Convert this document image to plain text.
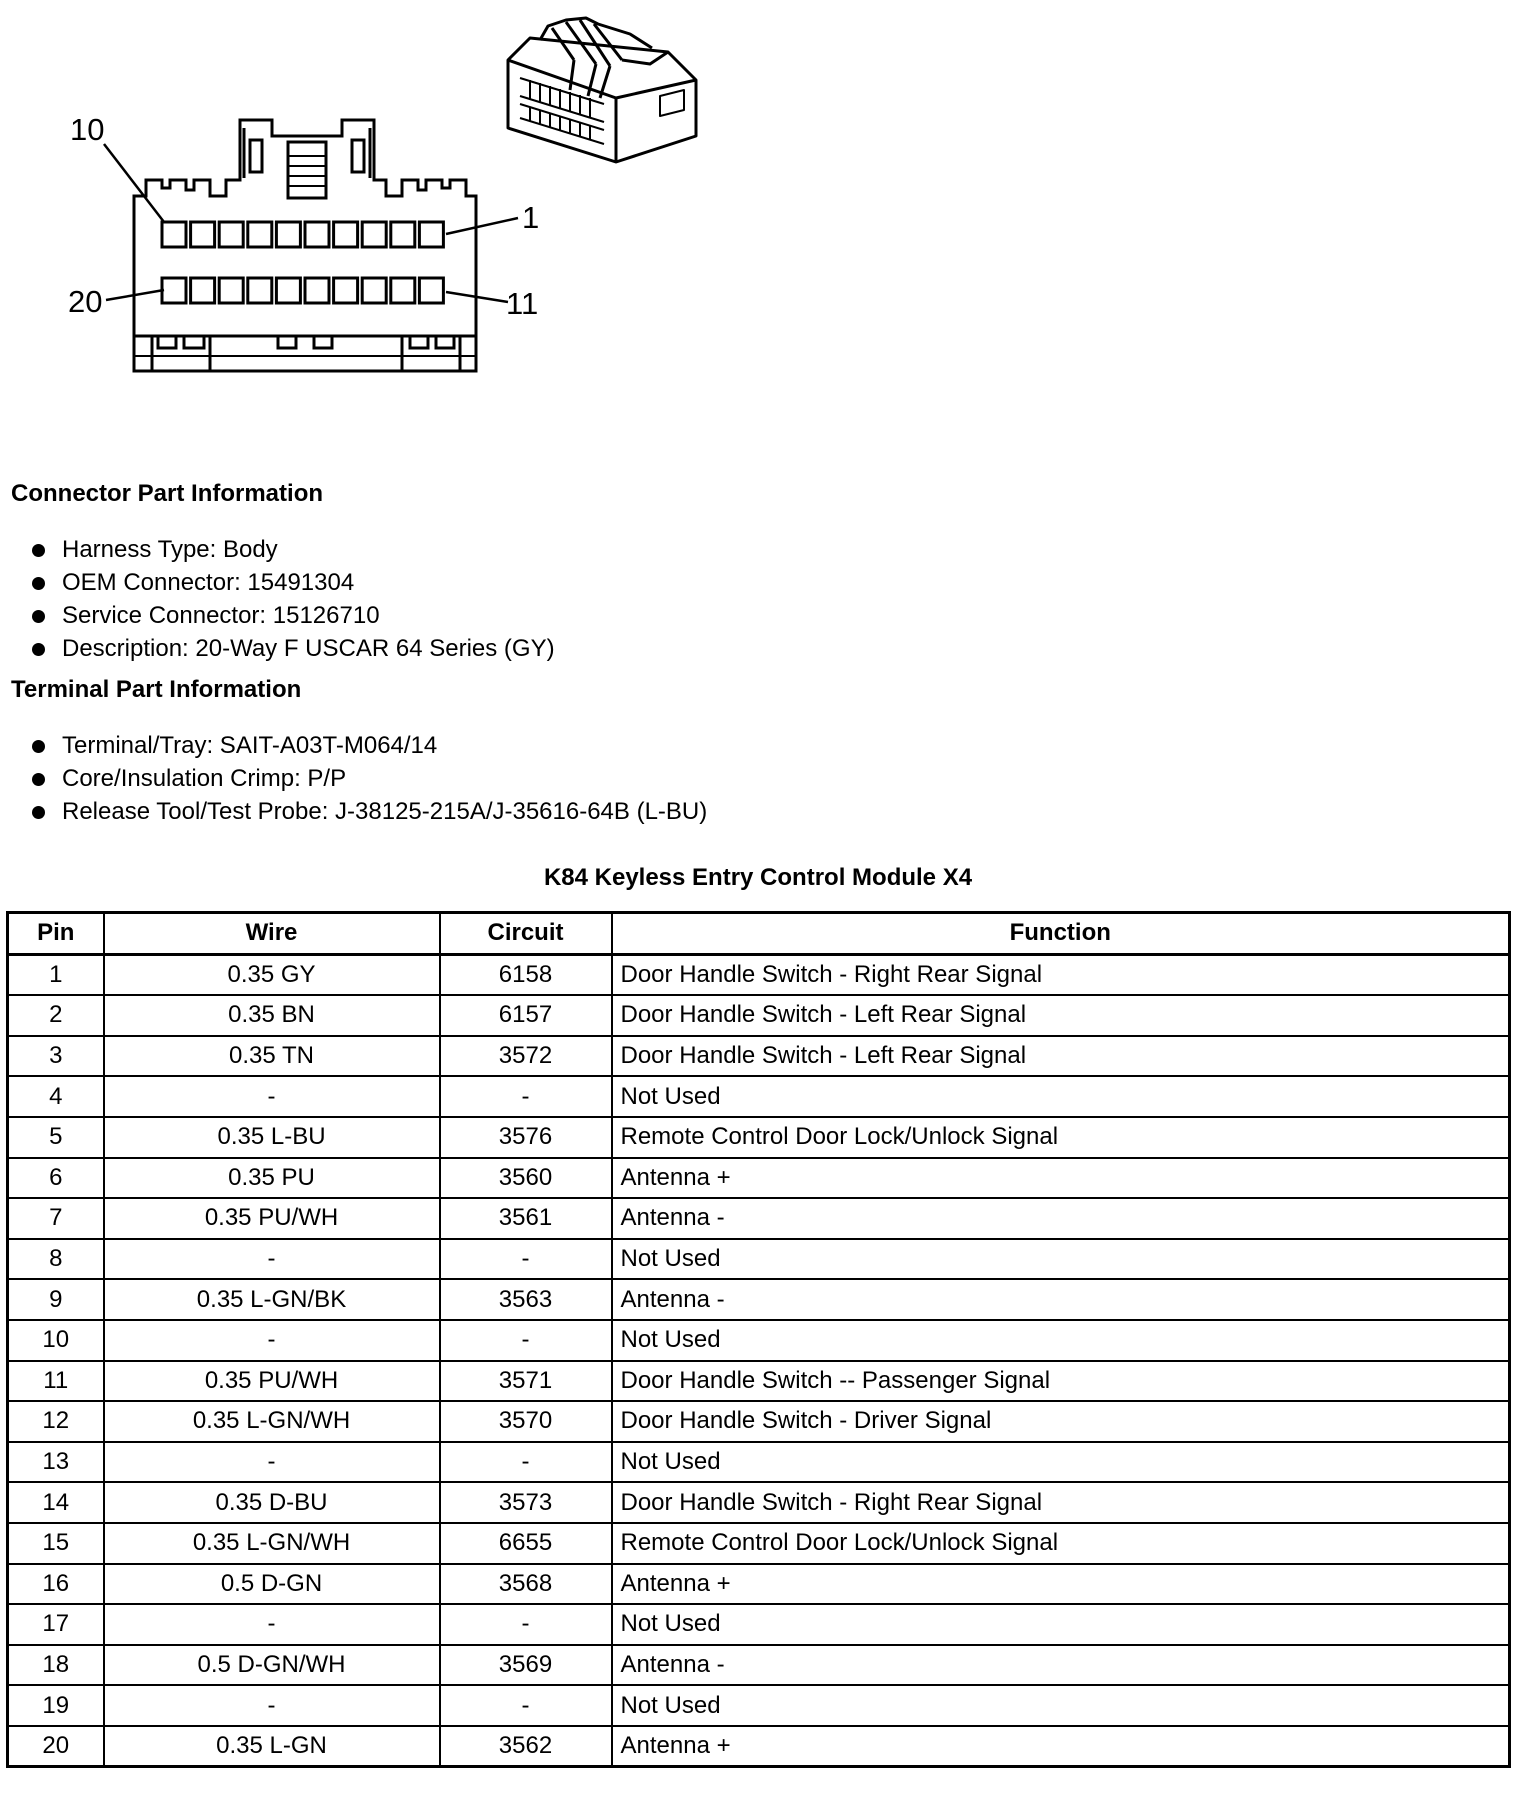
10
1
20	11
Connector Part Information
Harness Type: Body
OEM Connector: 15491304
Service Connector: 15126710
Description: 20-Way F USCAR 64 Series (GY)
Terminal Part Information
Terminal/Tray: SAIT-A03T-M064/14
Core/Insulation Crimp: P/P
Release Tool/Test Probe: J-38125-215A/J-35616-64B (L-BU)
K84 Keyless Entry Control Module X4
Pin	Wire	Circuit	Function
1	0.35 GY	6158	Door Handle Switch - Right Rear Signal
2	0.35 BN	6157	Door Handle Switch - Left Rear Signal
3	0.35 TN	3572	Door Handle Switch - Left Rear Signal
4	-	-	Not Used
5	0.35 L-BU	3576	Remote Control Door Lock/Unlock Signal
6	0.35 PU	3560	Antenna +
7	0.35 PU/WH	3561	Antenna -
8	-	-	Not Used
9	0.35 L-GN/BK	3563	Antenna -
10	-	-	Not Used
11	0.35 PU/WH	3571	Door Handle Switch -- Passenger Signal
12	0.35 L-GN/WH	3570	Door Handle Switch - Driver Signal
13	-	-	Not Used
14	0.35 D-BU	3573	Door Handle Switch - Right Rear Signal
15	0.35 L-GN/WH	6655	Remote Control Door Lock/Unlock Signal
16	0.5 D-GN	3568	Antenna +
17	-	-	Not Used
18	0.5 D-GN/WH	3569	Antenna -
19	-	-	Not Used
20	0.35 L-GN	3562	Antenna +
